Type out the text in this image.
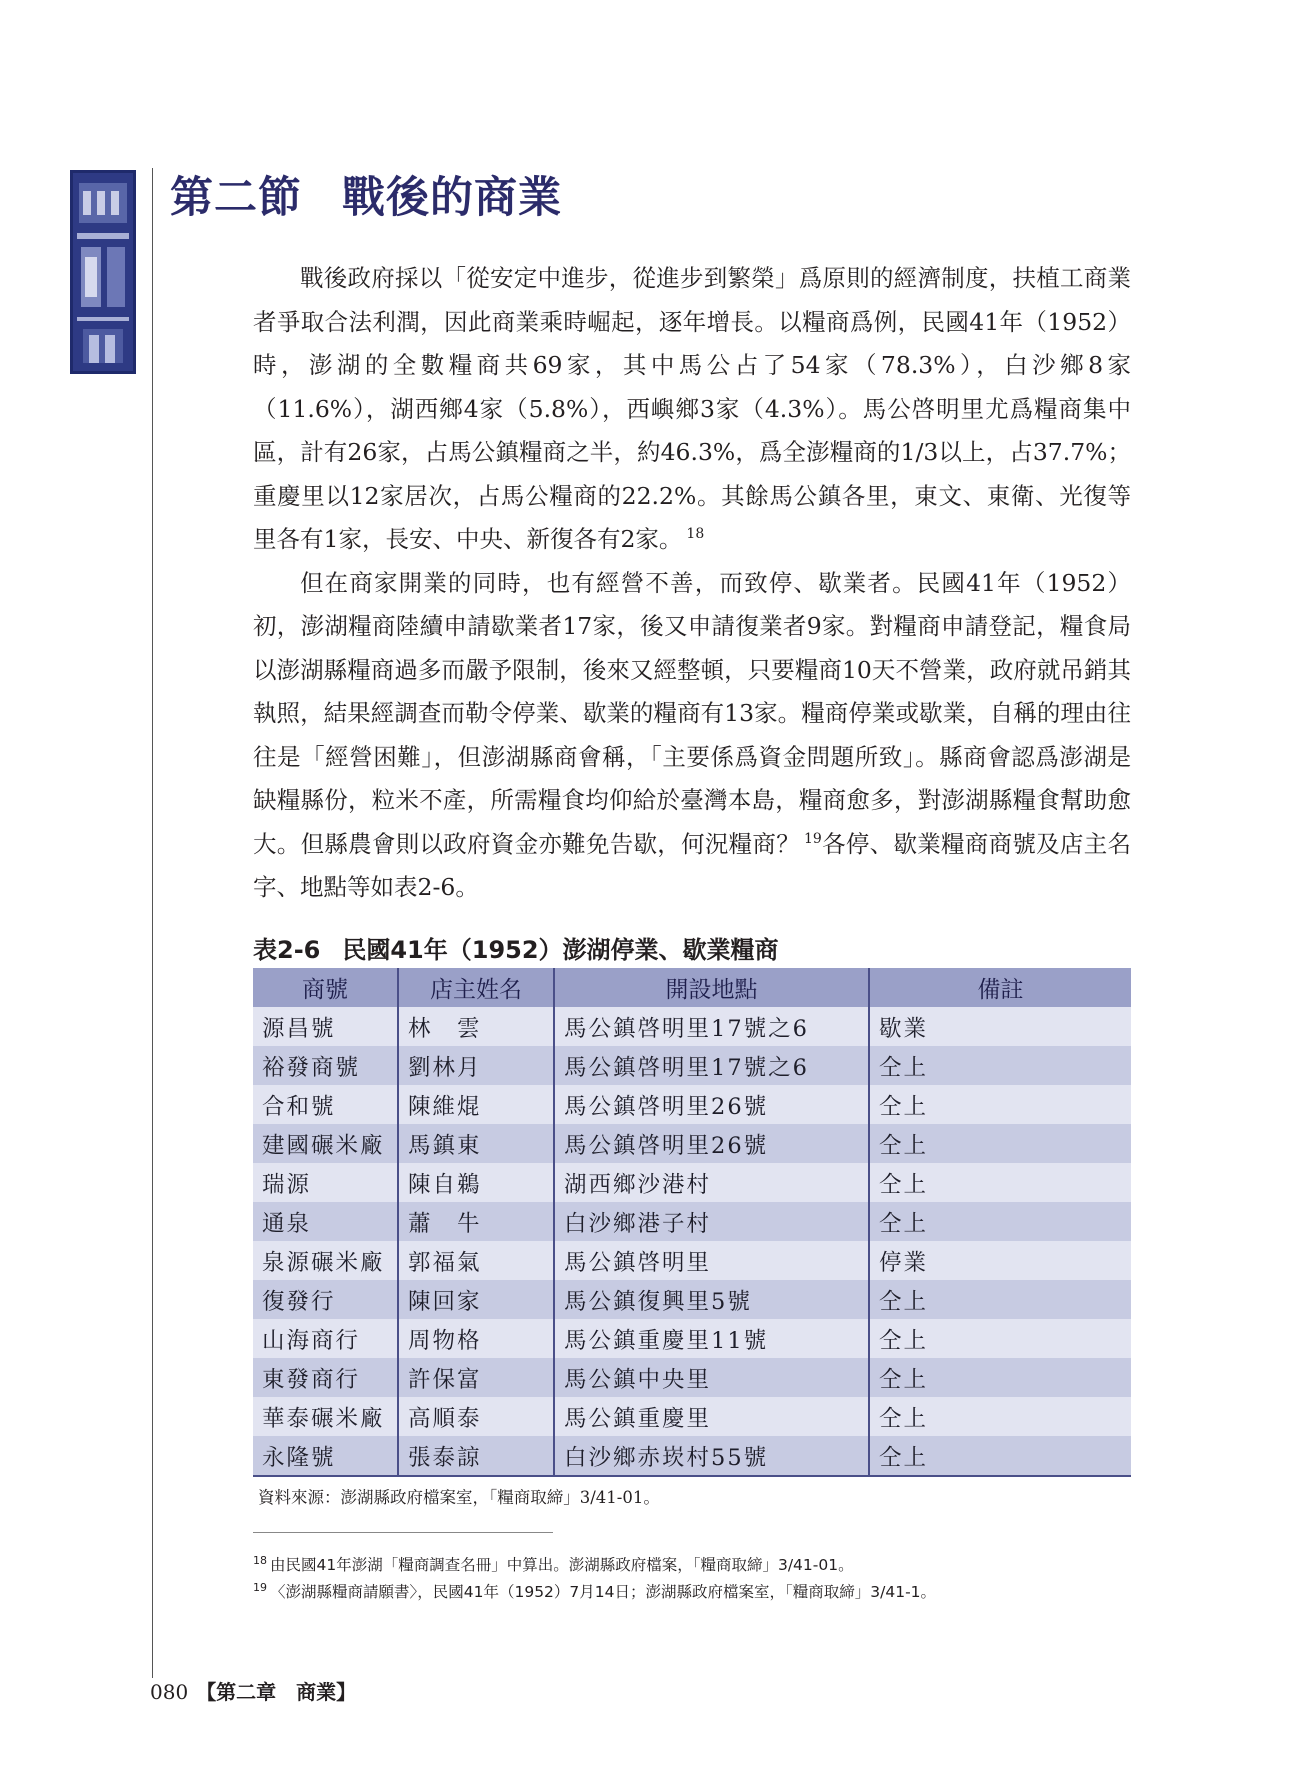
第二節 戰後的商業

戰後政府採以「從安定中進步，從進步到繁榮」爲原則的經濟制度，扶植工商業者爭取合法利潤，因此商業乘時崛起，逐年增長。以糧商爲例，民國41年（1952）時，澎湖的全數糧商共69家，其中馬公占了54家（78.3%），白沙鄉8家（11.6%），湖西鄉4家（5.8%），西嶼鄉3家（4.3%）。馬公啓明里尤爲糧商集中區，計有26家，占馬公鎮糧商之半，約46.3%，爲全澎糧商的1/3以上，占37.7%；重慶里以12家居次，占馬公糧商的22.2%。其餘馬公鎮各里，東文、東衛、光復等里各有1家，長安、中央、新復各有2家。 $^{18}$

但在商家開業的同時，也有經營不善，而致停、歇業者。民國41年（1952）初，澎湖糧商陸續申請歇業者17家，後又申請復業者9家。對糧商申請登記，糧食局以澎湖縣糧商過多而嚴予限制，後來又經整頓，只要糧商10天不營業，政府就吊銷其執照，結果經調查而勒令停業、歇業的糧商有13家。糧商停業或歇業，自稱的理由往往是「經營困難」，但澎湖縣商會稱，「主要係爲資金問題所致」。縣商會認爲澎湖是缺糧縣份，粒米不產，所需糧食均仰給於臺灣本島，糧商愈多，對澎湖縣糧食幫助愈大。但縣農會則以政府資金亦難免告歇，何況糧商？ $^{19}$各停、歇業糧商商號及店主名字、地點等如表2-6。

表2-6 民國41年（1952）澎湖停業、歇業糧商
商號	店主姓名	開設地點	備註
源昌號	林　雲	馬公鎮啓明里17號之6	歇業
裕發商號	劉林月	馬公鎮啓明里17號之6	仝上
合和號	陳維焜	馬公鎮啓明里26號	仝上
建國碾米廠	馬鎮東	馬公鎮啓明里26號	仝上
瑞源	陳自鵜	湖西鄉沙港村	仝上
通泉	蕭　牛	白沙鄉港子村	仝上
泉源碾米廠	郭福氣	馬公鎮啓明里	停業
復發行	陳回家	馬公鎮復興里5號	仝上
山海商行	周物格	馬公鎮重慶里11號	仝上
東發商行	許保富	馬公鎮中央里	仝上
華泰碾米廠	高順泰	馬公鎮重慶里	仝上
永隆號	張泰諒	白沙鄉赤崁村55號	仝上
資料來源：澎湖縣政府檔案室，「糧商取締」3/41-01。
$^{18}$ 由民國41年澎湖「糧商調查名冊」中算出。澎湖縣政府檔案，「糧商取締」3/41-01。
$^{19}$ 〈澎湖縣糧商請願書〉，民國41年（1952）7月14日；澎湖縣政府檔案室，「糧商取締」3/41-1。
080 【第二章　商業】
